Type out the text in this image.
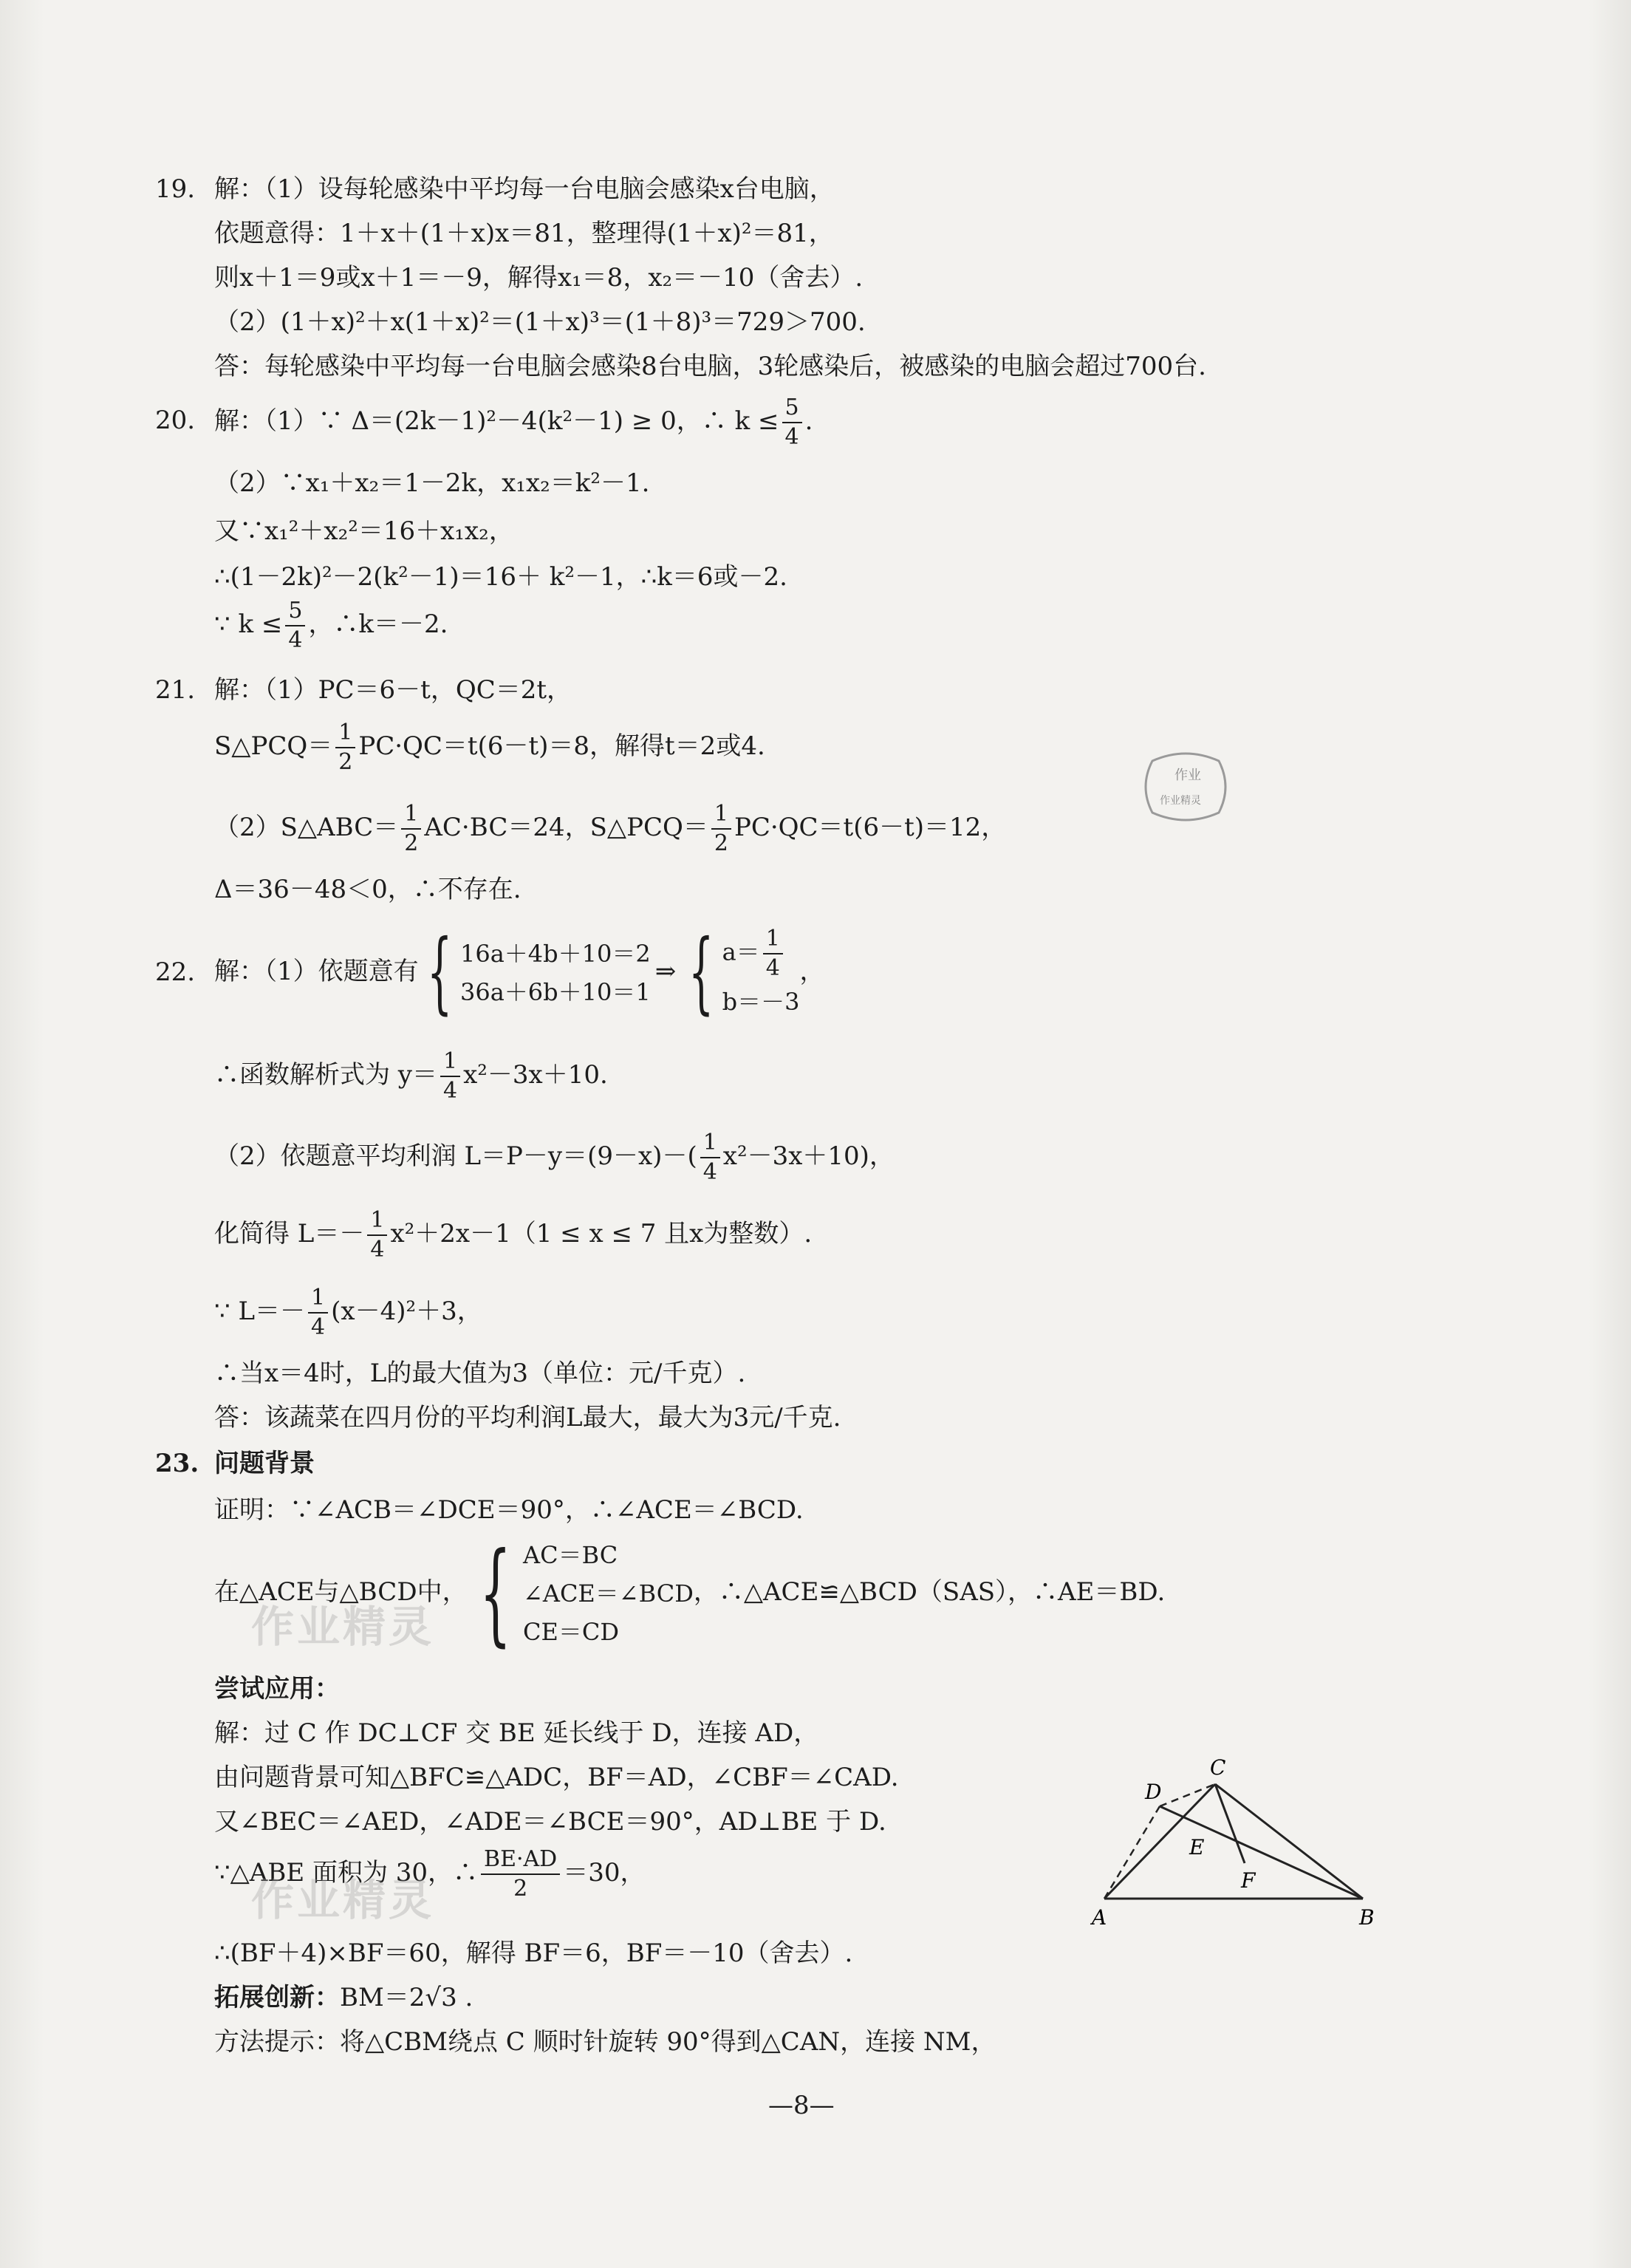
19. 解：（1）设每轮感染中平均每一台电脑会感染x台电脑，
依题意得：1＋x＋(1＋x)x＝81，整理得(1＋x)²＝81，
则x＋1＝9或x＋1＝－9，解得x₁＝8，x₂＝－10（舍去）.
（2）(1＋x)²＋x(1＋x)²＝(1＋x)³＝(1＋8)³＝729＞700.
答：每轮感染中平均每一台电脑会感染8台电脑，3轮感染后，被感染的电脑会超过700台.
20. 解：（1）∵ Δ＝(2k－1)²－4(k²－1) ≥ 0，∴ $k \le \frac{5}{4}$ .
（2）∵x₁＋x₂＝1－2k，x₁x₂＝k²－1.
又∵x₁²＋x₂²＝16＋x₁x₂，
∴(1－2k)²－2(k²－1)＝16＋ k²－1，∴k＝6或－2.
∵ $k \le \frac{5}{4}$ ，∴k＝－2.
21. 解：（1）PC＝6－t，QC＝2t，
S△PCQ＝ $\frac{1}{2} PC\cdot QC=t(6-t)=8$，解得t＝2或4.
（2）S△ABC＝ $\frac{1}{2} AC\cdot BC=24$，S△PCQ＝ $\frac{1}{2} PC\cdot QC=t(6-t)=12$，
Δ＝36－48＜0，∴不存在.
作业
作业精灵
22. 解：（1）依题意有{ 16a＋4b＋10＝2
36a＋6b＋10＝1
⇒ { $a= \frac{1}{4}$
b＝－3
，
∴函数解析式为 $y= \frac{1}{4} x^2-3x+10$.
（2）依题意平均利润 $L=P-y=(9-x)-( \frac{1}{4} x^2-3x+10)$，
化简得 $L=- \frac{1}{4} x^2+2x-1(1 \le x \le 7$ 且x为整数）.
∵ $L=- \frac{1}{4} (x-4)^2+3$，
∴当x＝4时，L的最大值为3（单位：元/千克）.
答：该蔬菜在四月份的平均利润L最大，最大为3元/千克.
23. 问题背景
证明：∵∠ACB＝∠DCE＝90°，∴∠ACE＝∠BCD.
在△ACE与△BCD中， { AC＝BC
∠ACE＝∠BCD
CE＝CD
，∴△ACE≌△BCD（SAS），∴AE＝BD.
作业精灵
尝试应用：
解：过 C 作 DC⊥CF 交 BE 延长线于 D，连接 AD，
由问题背景可知△BFC≌△ADC，BF＝AD，∠CBF＝∠CAD.
又∠BEC＝∠AED，∠ADE＝∠BCE＝90°，AD⊥BE 于 D.
∵△ABE 面积为 30，∴ $\frac{BE\cdot AD}{2} =30$，
作业精灵
∴(BF＋4)×BF＝60，解得 BF＝6，BF＝－10（舍去）.
拓展创新：BM＝2√3 .
方法提示：将△CBM绕点 C 顺时针旋转 90°得到△CAN，连接 NM，
A	B
C
D
E
F
—8—
